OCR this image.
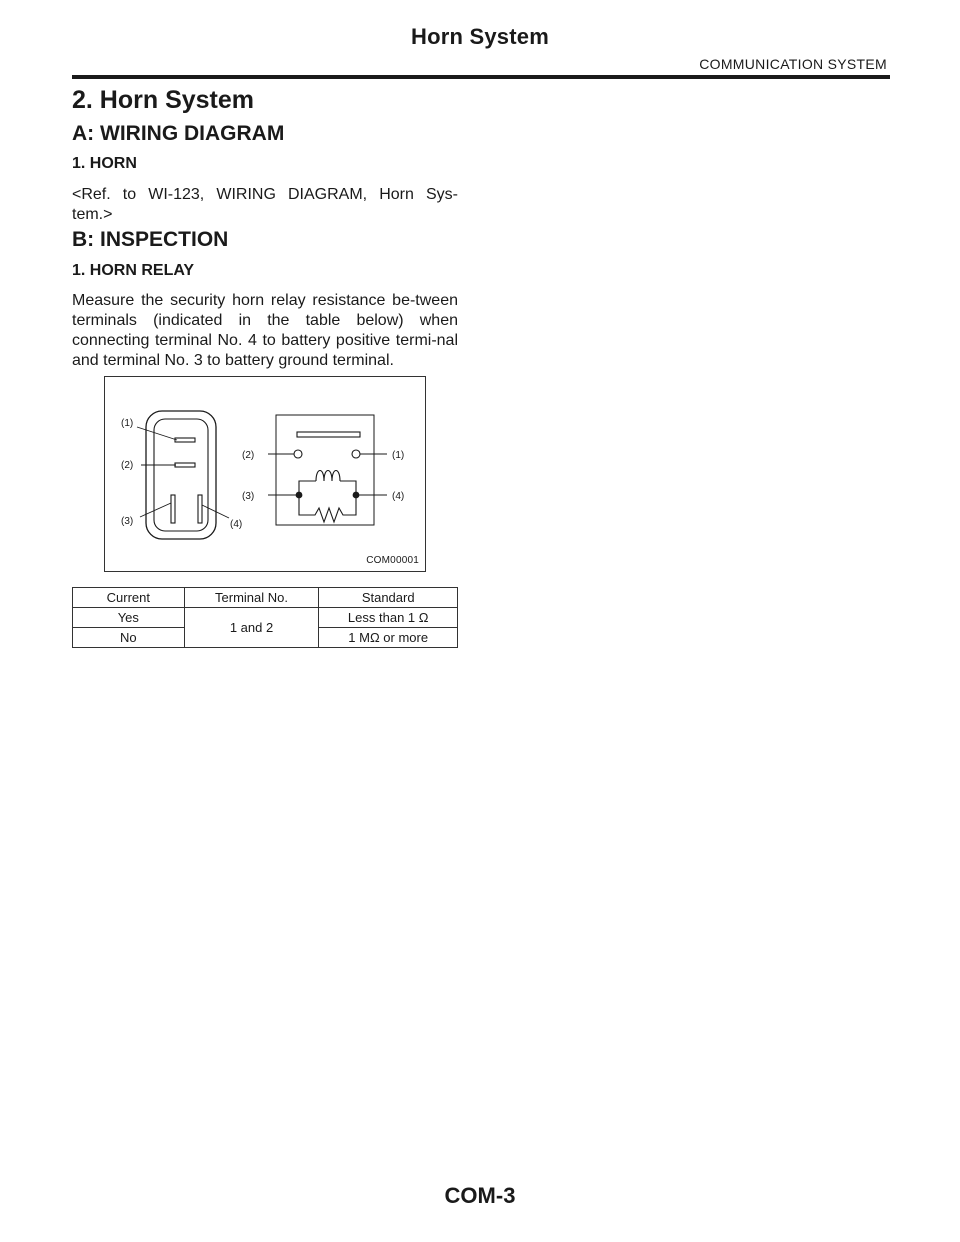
Horn System
COMMUNICATION SYSTEM
2. Horn System
A: WIRING DIAGRAM
1. HORN
<Ref. to WI-123, WIRING DIAGRAM, Horn Sys-
tem.>
B: INSPECTION
1. HORN RELAY
Measure the security horn relay resistance be-tween terminals (indicated in the table below) when connecting terminal No. 4 to battery positive termi-nal and terminal No. 3 to battery ground terminal.
(1)
(2)
(3)	(4)
(2)	(1)
(3)	(4)
COM00001
Current	Terminal No.	Standard
Yes	1 and 2	Less than 1 Ω
No		1 MΩ or more
COM-3
